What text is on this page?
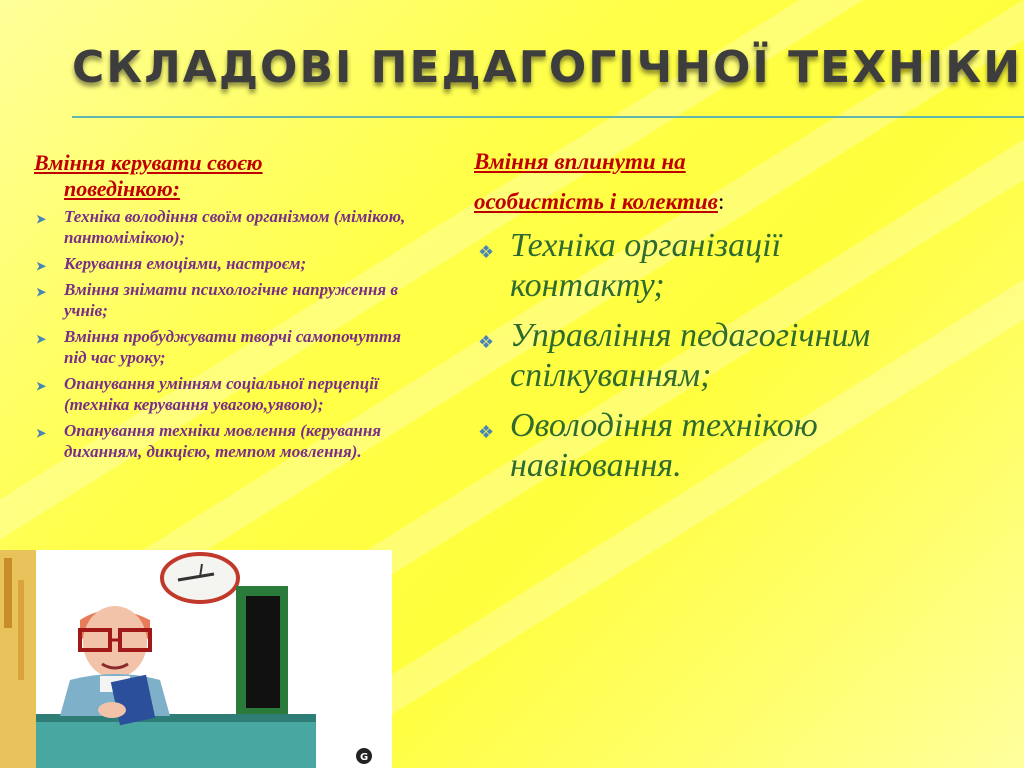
СКЛАДОВІ ПЕДАГОГІЧНОЇ ТЕХНІКИ

Вміння керувати своєю
поведінкою:

➤ Техніка володіння своїм організмом (мімікою, пантомімікою);
➤ Керування емоціями, настроєм;
➤ Вміння знімати психологічне напруження в учнів;
➤ Вміння пробуджувати творчі самопочуття під час уроку;
➤ Опанування умінням соціальної перцепції (техніка керування увагою,уявою);
➤ Опанування техніки мовлення (керування диханням, дикцією, темпом мовлення).

Вміння вплинути на
особистість і колектив:

❖ Техніка організації контакту;
❖ Управління педагогічним спілкуванням;
❖ Оволодіння технікою навіювання.
G
